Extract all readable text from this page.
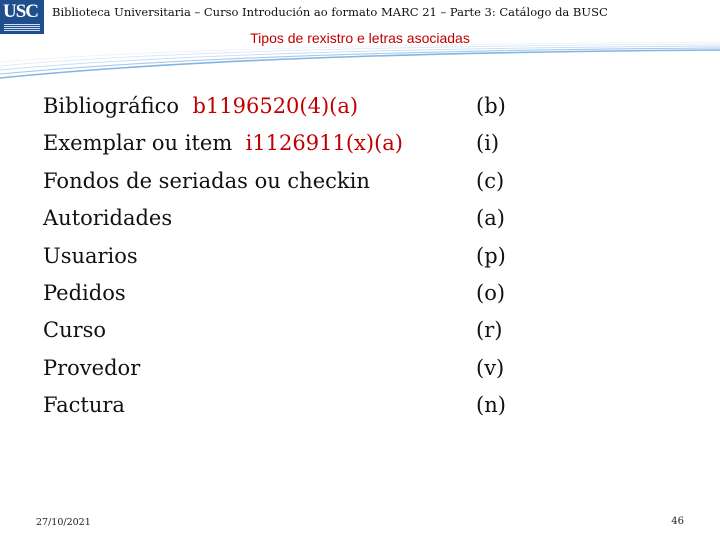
USC Biblioteca Universitaria – Curso Introdución ao formato MARC 21 – Parte 3: Catálogo da BUSC
Tipos de rexistro e letras asociadas
Bibliográfico b1196520(4)(a)
Exemplar ou item i1126911(x)(a)
Fondos de seriadas ou checkin
Autoridades
Usuarios
Pedidos
Curso
Provedor
Factura
(b)
(i)
(c)
(a)
(p)
(o)
(r)
(v)
(n)
27/10/2021	46
